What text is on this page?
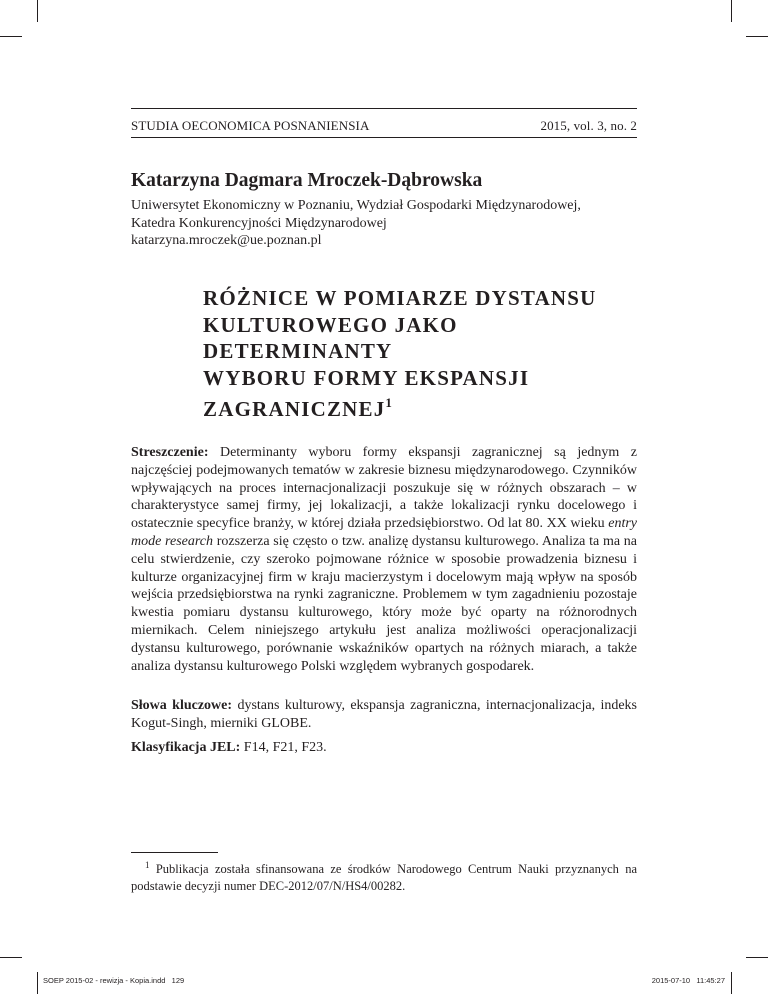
STUDIA OECONOMICA POSNANIENSIA	2015, vol. 3, no. 2
Katarzyna Dagmara Mroczek-Dąbrowska
Uniwersytet Ekonomiczny w Poznaniu, Wydział Gospodarki Międzynarodowej,
Katedra Konkurencyjności Międzynarodowej
katarzyna.mroczek@ue.poznan.pl
RÓŻNICE W POMIARZE DYSTANSU
KULTUROWEGO JAKO DETERMINANTY
WYBORU FORMY EKSPANSJI
ZAGRANICZNEJ$^1$
Streszczenie: Determinanty wyboru formy ekspansji zagranicznej są jednym z najczęściej podejmowanych tematów w zakresie biznesu międzynarodowego. Czynników wpływających na proces internacjonalizacji poszukuje się w różnych obszarach – w charakterystyce samej firmy, jej lokalizacji, a także lokalizacji rynku docelowego i ostatecznie specyfice branży, w której działa przedsiębiorstwo. Od lat 80. XX wieku entry mode research rozszerza się często o tzw. analizę dystansu kulturowego. Analiza ta ma na celu stwierdzenie, czy szeroko pojmowane różnice w sposobie prowadzenia biznesu i kulturze organizacyjnej firm w kraju macierzystym i docelowym mają wpływ na sposób wejścia przedsiębiorstwa na rynki zagraniczne. Problemem w tym zagadnieniu pozostaje kwestia pomiaru dystansu kulturowego, który może być oparty na różnorodnych miernikach. Celem niniejszego artykułu jest analiza możliwości operacjonalizacji dystansu kulturowego, porównanie wskaźników opartych na różnych miarach, a także analiza dystansu kulturowego Polski względem wybranych gospodarek.
Słowa kluczowe: dystans kulturowy, ekspansja zagraniczna, internacjonalizacja, indeks Kogut-Singh, mierniki GLOBE.
Klasyfikacja JEL: F14, F21, F23.
$^1$ Publikacja została sfinansowana ze środków Narodowego Centrum Nauki przyznanych na podstawie decyzji numer DEC-2012/07/N/HS4/00282.
SOEP 2015-02 - rewizja - Kopia.indd   129	2015-07-10   11:45:27
